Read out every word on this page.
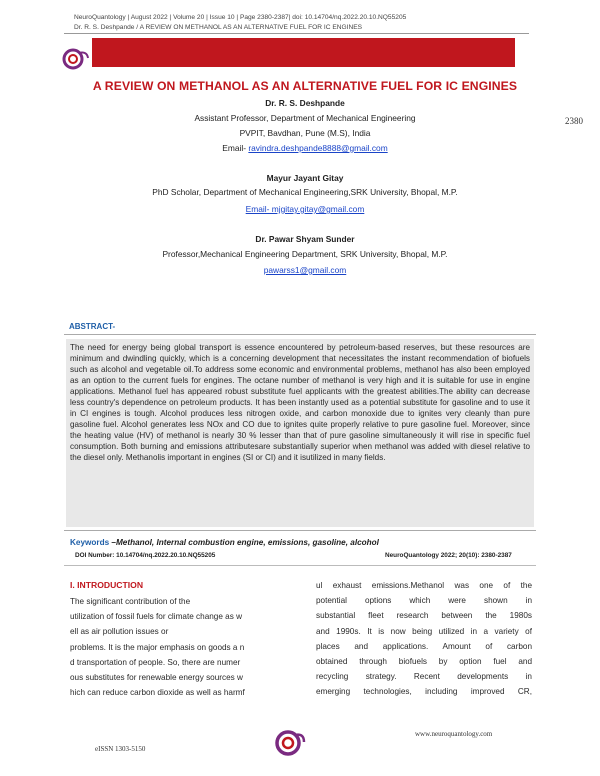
NeuroQuantology | August 2022 | Volume 20 | Issue 10 | Page 2380-2387| doi: 10.14704/nq.2022.20.10.NQ55205
Dr. R. S. Deshpande / A REVIEW ON METHANOL AS AN ALTERNATIVE FUEL FOR IC ENGINES
2380
A REVIEW ON METHANOL AS AN ALTERNATIVE FUEL FOR IC ENGINES
Dr. R. S. Deshpande
Assistant Professor, Department of Mechanical Engineering
PVPIT, Bavdhan, Pune (M.S), India
Email- ravindra.deshpande8888@gmail.com
Mayur Jayant Gitay
PhD Scholar, Department of Mechanical Engineering,SRK University, Bhopal, M.P.
Email- mjgitay.gitay@gmail.com
Dr. Pawar Shyam Sunder
Professor,Mechanical Engineering Department, SRK University, Bhopal, M.P.
pawarss1@gmail.com
ABSTRACT-

The need for energy being global transport is essence encountered by petroleum-based reserves, but these resources are minimum and dwindling quickly, which is a concerning development that necessitates the instant recommendation of biofuels such as alcohol and vegetable oil.To address some economic and environmental problems, methanol has also been employed as an option to the current fuels for engines. The octane number of methanol is very high and it is suitable for use in engine applications. Methanol fuel has appeared robust substitute fuel applicants with the greatest abilities.The ability can decrease less country's dependence on petroleum products. It has been instantly used as a potential substitute for gasoline and to use it in CI engines is tough. Alcohol produces less nitrogen oxide, and carbon monoxide due to ignites very cleanly than pure gasoline fuel. Alcohol generates less NOx and CO due to ignites quite properly relative to pure gasoline fuel. Moreover, since the heating value (HV) of methanol is nearly 30 % lesser than that of pure gasoline simultaneously it will rise in specific fuel consumption. Both burning and emissions attributesare substantially superior when methanol was added with diesel relative to the diesel only. Methanolis important in engines (SI or CI) and it isutilized in many fields.

Keywords –Methanol, Internal combustion engine, emissions, gasoline, alcohol
DOI Number: 10.14704/nq.2022.20.10.NQ55205	NeuroQuantology 2022; 20(10): 2380-2387
I. INTRODUCTION
The significant contribution of the
utilization of fossil fuels for climate change as w
ell as air pollution issues or
problems. It is the major emphasis on goods a n
d transportation of people. So, there are numer
ous substitutes for renewable energy sources w
hich can reduce carbon dioxide as well as harmf
ul exhaust emissions.Methanol was one of the
potential options which were shown in
substantial fleet research between the 1980s
and 1990s. It is now being utilized in a variety of
places and applications. Amount of carbon
obtained through biofuels by option fuel and
recycling strategy. Recent developments in
emerging technologies, including improved CR,
www.neuroquantology.com
eISSN 1303-5150
